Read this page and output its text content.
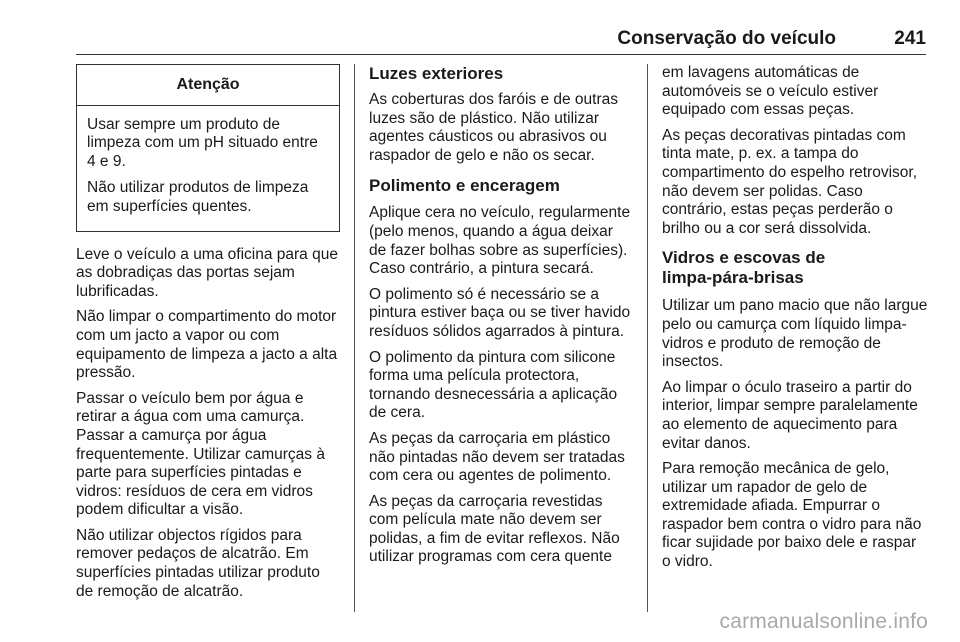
Conservação do veículo	241
Atenção

Usar sempre um produto de limpeza com um pH situado entre 4 e 9.

Não utilizar produtos de limpeza em superfícies quentes.

Leve o veículo a uma oficina para que as dobradiças das portas sejam lubrificadas.

Não limpar o compartimento do motor com um jacto a vapor ou com equipamento de limpeza a jacto a alta pressão.

Passar o veículo bem por água e retirar a água com uma camurça. Passar a camurça por água frequentemente. Utilizar camurças à parte para superfícies pintadas e vidros: resíduos de cera em vidros podem dificultar a visão.

Não utilizar objectos rígidos para remover pedaços de alcatrão. Em superfícies pintadas utilizar produto de remoção de alcatrão.

Luzes exteriores

As coberturas dos faróis e de outras luzes são de plástico. Não utilizar agentes cáusticos ou abrasivos ou raspador de gelo e não os secar.

Polimento e enceragem

Aplique cera no veículo, regularmente (pelo menos, quando a água deixar de fazer bolhas sobre as superfícies). Caso contrário, a pintura secará.

O polimento só é necessário se a pintura estiver baça ou se tiver havido resíduos sólidos agarrados à pintura.

O polimento da pintura com silicone forma uma película protectora, tornando desnecessária a aplicação de cera.

As peças da carroçaria em plástico não pintadas não devem ser tratadas com cera ou agentes de polimento.

As peças da carroçaria revestidas com película mate não devem ser polidas, a fim de evitar reflexos. Não utilizar programas com cera quente

em lavagens automáticas de automóveis se o veículo estiver equipado com essas peças.

As peças decorativas pintadas com tinta mate, p. ex. a tampa do compartimento do espelho retrovisor, não devem ser polidas. Caso contrário, estas peças perderão o brilho ou a cor será dissolvida.

Vidros e escovas de
limpa-pára-brisas

Utilizar um pano macio que não largue pelo ou camurça com líquido limpa-vidros e produto de remoção de insectos.

Ao limpar o óculo traseiro a partir do interior, limpar sempre paralelamente ao elemento de aquecimento para evitar danos.

Para remoção mecânica de gelo, utilizar um rapador de gelo de extremidade afiada. Empurrar o raspador bem contra o vidro para não ficar sujidade por baixo dele e raspar o vidro.

carmanualsonline.info
